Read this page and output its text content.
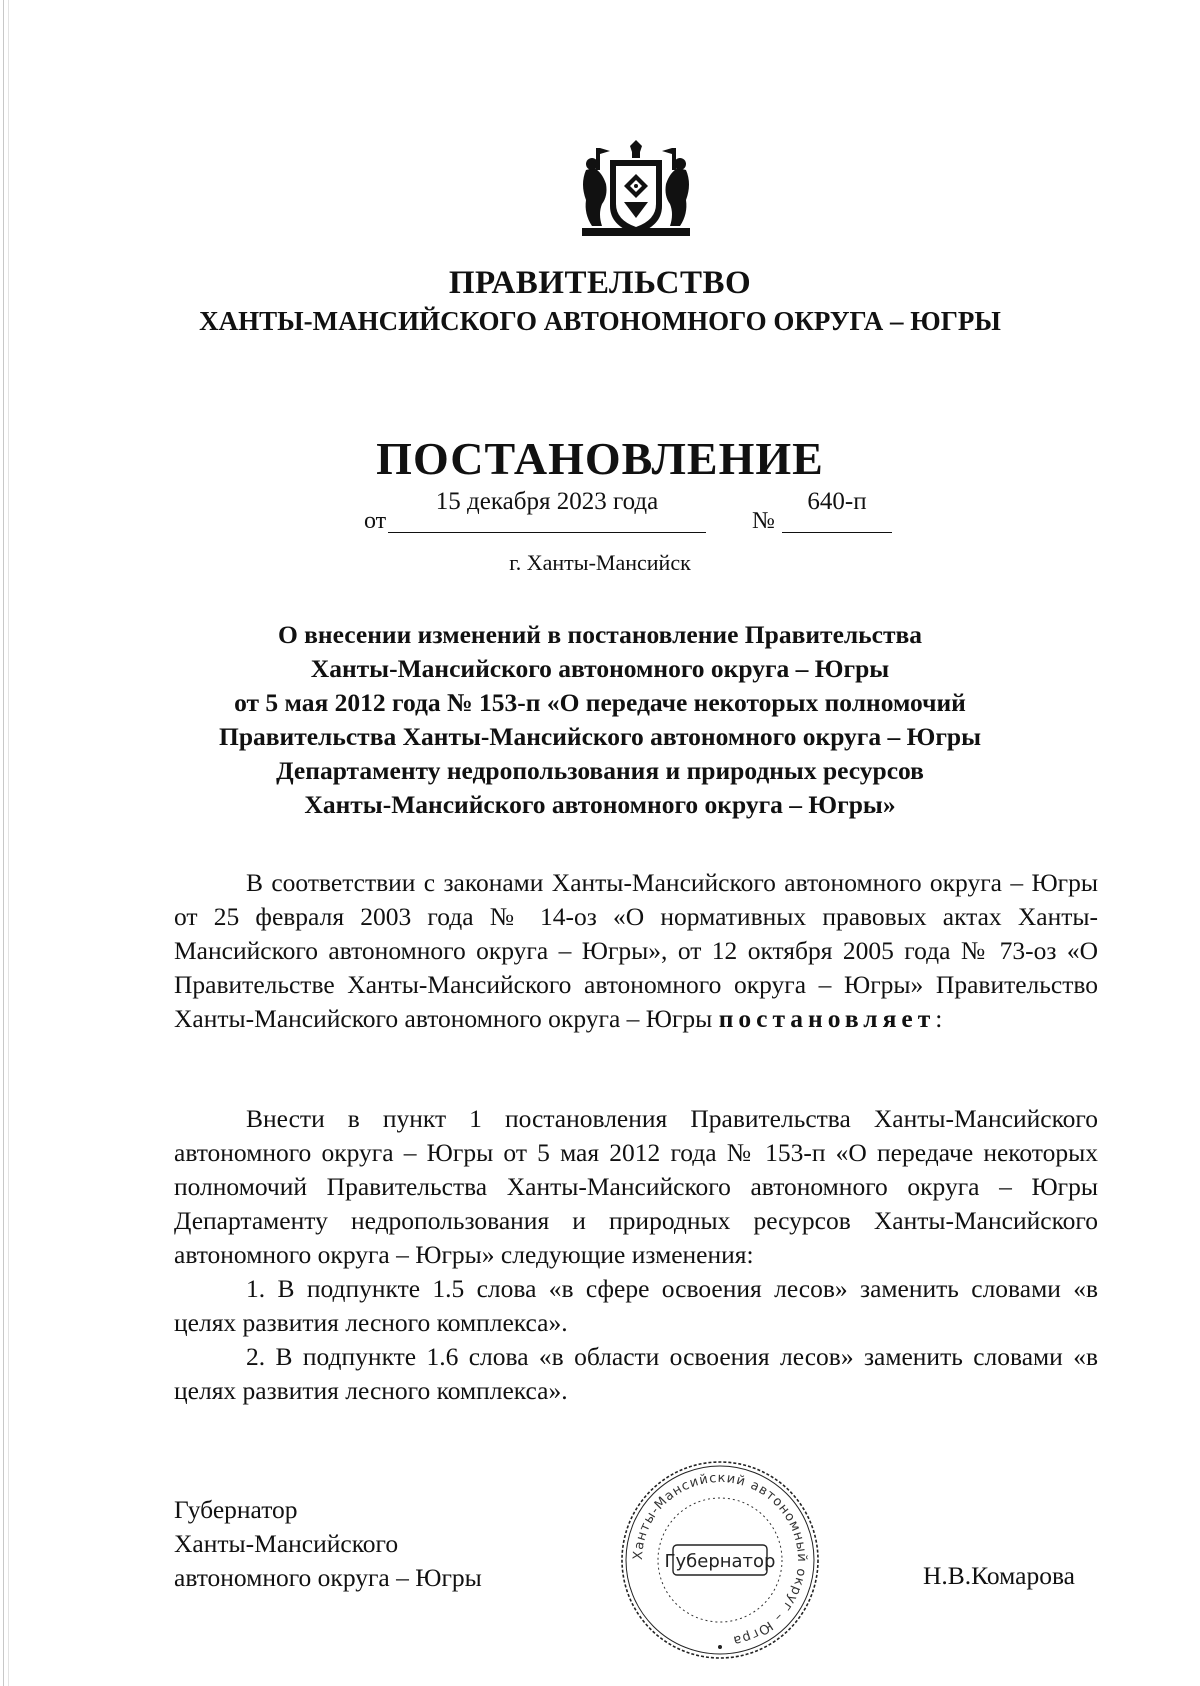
ПРАВИТЕЛЬСТВО
ХАНТЫ-МАНСИЙСКОГО АВТОНОМНОГО ОКРУГА – ЮГРЫ
ПОСТАНОВЛЕНИЕ
от
15 декабря 2023 года
№
640-п
г. Ханты-Мансийск
О внесении изменений в постановление Правительства
Ханты-Мансийского автономного округа – Югры
от 5 мая 2012 года № 153-п «О передаче некоторых полномочий
Правительства Ханты-Мансийского автономного округа – Югры
Департаменту недропользования и природных ресурсов
Ханты-Мансийского автономного округа – Югры»
В соответствии с законами Ханты-Мансийского автономного округа – Югры от 25 февраля 2003 года № 14-оз «О нормативных правовых актах Ханты-Мансийского автономного округа – Югры», от 12 октября 2005 года № 73-оз «О Правительстве Ханты-Мансийского автономного округа – Югры» Правительство Ханты-Мансийского автономного округа – Югры постановляет:
Внести в пункт 1 постановления Правительства Ханты-Мансийского автономного округа – Югры от 5 мая 2012 года № 153-п «О передаче некоторых полномочий Правительства Ханты-Мансийского автономного округа – Югры Департаменту недропользования и природных ресурсов Ханты-Мансийского автономного округа – Югры» следующие изменения:
1. В подпункте 1.5 слова «в сфере освоения лесов» заменить словами «в целях развития лесного комплекса».
2. В подпункте 1.6 слова «в области освоения лесов» заменить словами «в целях развития лесного комплекса».
Губернатор
Ханты-Мансийского
автономного округа – Югры
Ханты-Мансийский автономный округ – Югра
Губернатор	Н.В.Комарова
